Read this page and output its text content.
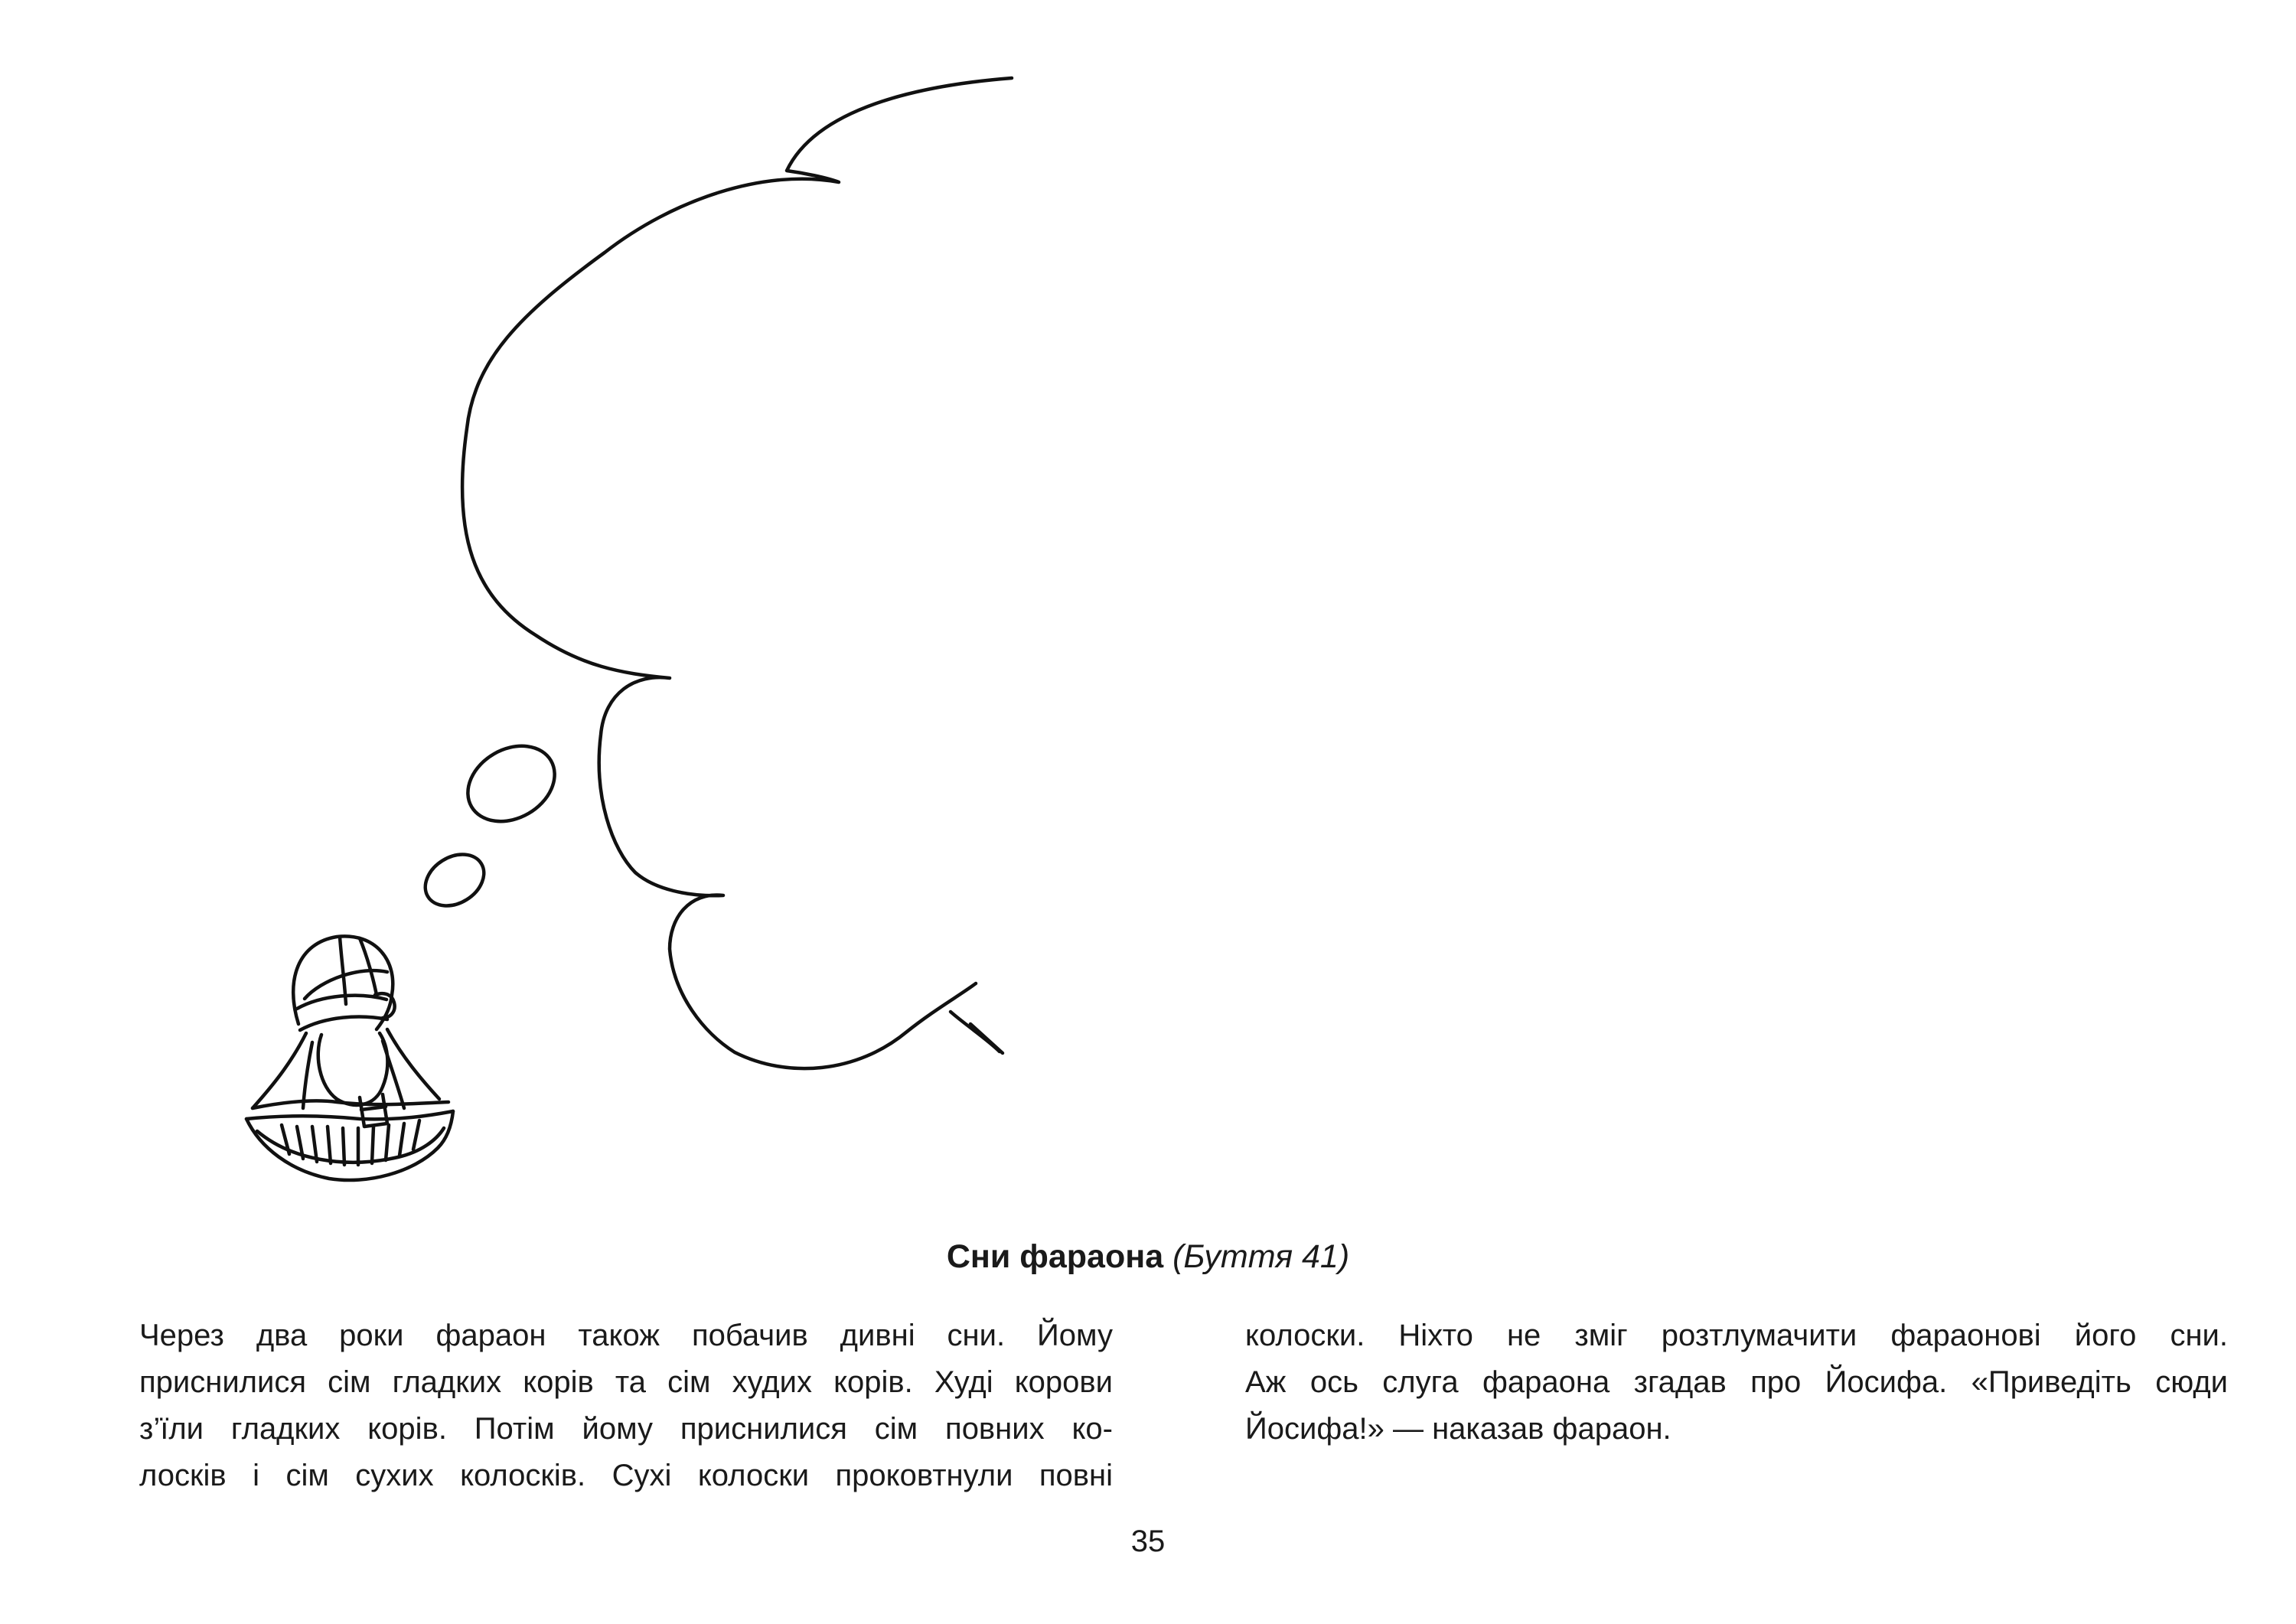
Сни фараона (Буття 41)
Через два роки фараон також побачив дивні сни. Йому
приснилися сім гладких корів та сім худих корів. Худі корови
з’їли гладких корів. Потім йому приснилися сім повних ко-
лосків і сім сухих колосків. Сухі колоски проковтнули повні
колоски. Ніхто не зміг розтлумачити фараонові його сни.
Аж ось слуга фараона згадав про Йосифа. «Приведіть сюди
Йосифа!» — наказав фараон.
35
